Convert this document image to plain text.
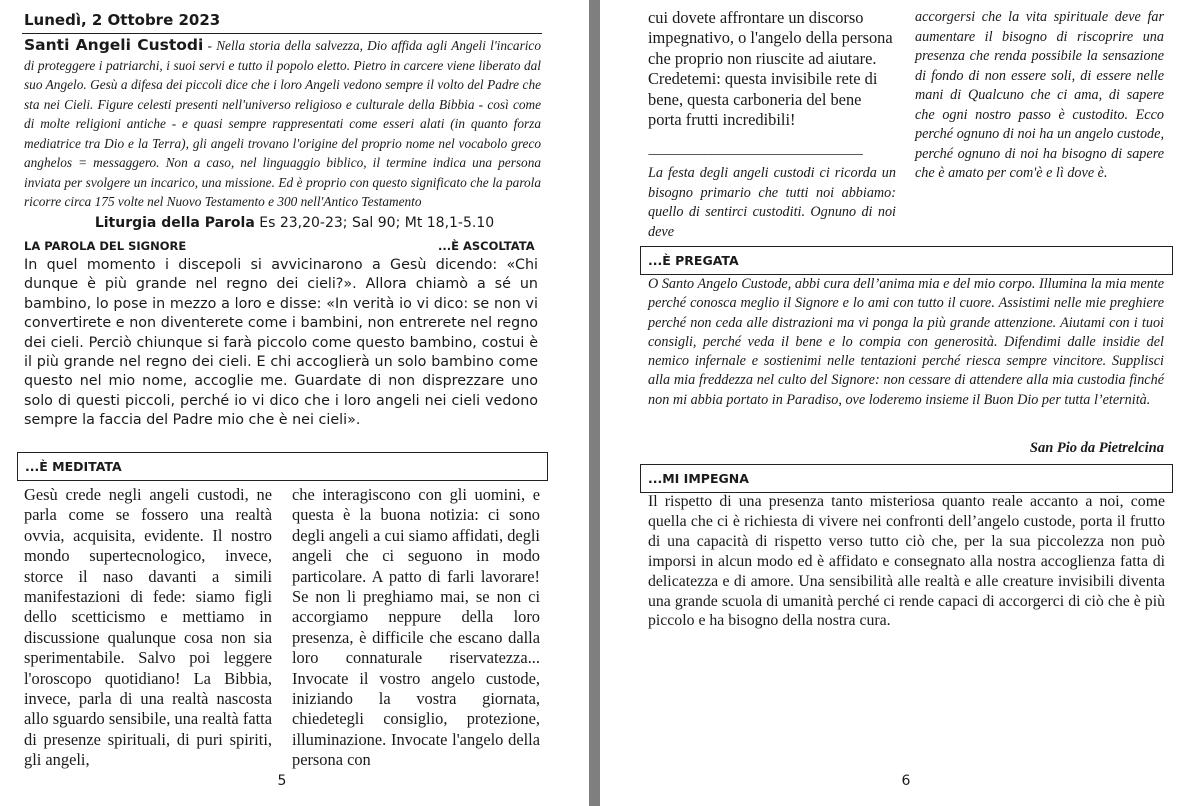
Lunedì, 2 Ottobre 2023
Santi Angeli Custodi - Nella storia della salvezza, Dio affida agli Angeli l'incarico di proteggere i patriarchi, i suoi servi e tutto il popolo eletto. Pietro in carcere viene liberato dal suo Angelo. Gesù a difesa dei piccoli dice che i loro Angeli vedono sempre il volto del Padre che sta nei Cieli. Figure celesti presenti nell'universo religioso e culturale della Bibbia - così come di molte religioni antiche - e quasi sempre rappresentati come esseri alati (in quanto forza mediatrice tra Dio e la Terra), gli angeli trovano l'origine del proprio nome nel vocabolo greco anghelos = messaggero. Non a caso, nel linguaggio biblico, il termine indica una persona inviata per svolgere un incarico, una missione. Ed è proprio con questo significato che la parola ricorre circa 175 volte nel Nuovo Testamento e 300 nell'Antico Testamento
Liturgia della Parola Es 23,20-23; Sal 90; Mt 18,1-5.10
LA PAROLA DEL SIGNORE	...È ASCOLTATA
In quel momento i discepoli si avvicinarono a Gesù dicendo: «Chi dunque è più grande nel regno dei cieli?». Allora chiamò a sé un bambino, lo pose in mezzo a loro e disse: «In verità io vi dico: se non vi convertirete e non diventerete come i bambini, non entrerete nel regno dei cieli. Perciò chiunque si farà piccolo come questo bambino, costui è il più grande nel regno dei cieli. E chi accoglierà un solo bambino come questo nel mio nome, accoglie me. Guardate di non disprezzare uno solo di questi piccoli, perché io vi dico che i loro angeli nei cieli vedono sempre la faccia del Padre mio che è nei cieli».
...È MEDITATA
Gesù crede negli angeli custodi, ne parla come se fossero una realtà ovvia, acquisita, evidente. Il nostro mondo supertecnologico, invece, storce il naso davanti a simili manifestazioni di fede: siamo figli dello scetticismo e mettiamo in discussione qualunque cosa non sia sperimentabile. Salvo poi leggere l'oroscopo quotidiano! La Bibbia, invece, parla di una realtà nascosta allo sguardo sensibile, una realtà fatta di presenze spirituali, di puri spiriti, gli angeli,
che interagiscono con gli uomini, e questa è la buona notizia: ci sono degli angeli a cui siamo affidati, degli angeli che ci seguono in modo particolare. A patto di farli lavorare! Se non li preghiamo mai, se non ci accorgiamo neppure della loro presenza, è difficile che escano dalla loro connaturale riservatezza... Invocate il vostro angelo custode, iniziando la vostra giornata, chiedetegli consiglio, protezione, illuminazione. Invocate l'angelo della persona con
5
cui dovete affrontare un discorso impegnativo, o l'angelo della persona che proprio non riuscite ad aiutare. Credetemi: questa invisibile rete di bene, questa carboneria del bene porta frutti incredibili!
--------------------------------------------------------------------------------------------
La festa degli angeli custodi ci ricorda un bisogno primario che tutti noi abbiamo: quello di sentirci custoditi. Ognuno di noi deve
accorgersi che la vita spirituale deve far aumentare il bisogno di riscoprire una presenza che renda possibile la sensazione di fondo di non essere soli, di essere nelle mani di Qualcuno che ci ama, di sapere che ogni nostro passo è custodito. Ecco perché ognuno di noi ha un angelo custode, perché ognuno di noi ha bisogno di sapere che è amato per com'è e lì dove è.
...È PREGATA
O Santo Angelo Custode, abbi cura dell’anima mia e del mio corpo. Illumina la mia mente perché conosca meglio il Signore e lo ami con tutto il cuore. Assistimi nelle mie preghiere perché non ceda alle distrazioni ma vi ponga la più grande attenzione. Aiutami con i tuoi consigli, perché veda il bene e lo compia con generosità. Difendimi dalle insidie del nemico infernale e sostienimi nelle tentazioni perché riesca sempre vincitore. Supplisci alla mia freddezza nel culto del Signore: non cessare di attendere alla mia custodia finché non mi abbia portato in Paradiso, ove loderemo insieme il Buon Dio per tutta l’eternità.
San Pio da Pietrelcina
...MI IMPEGNA
Il rispetto di una presenza tanto misteriosa quanto reale accanto a noi, come quella che ci è richiesta di vivere nei confronti dell’angelo custode, porta il frutto di una capacità di rispetto verso tutto ciò che, per la sua piccolezza non può imporsi in alcun modo ed è affidato e consegnato alla nostra accoglienza fatta di delicatezza e di amore. Una sensibilità alle realtà e alle creature invisibili diventa una grande scuola di umanità perché ci rende capaci di accorgerci di ciò che è più piccolo e ha bisogno della nostra cura.
6
